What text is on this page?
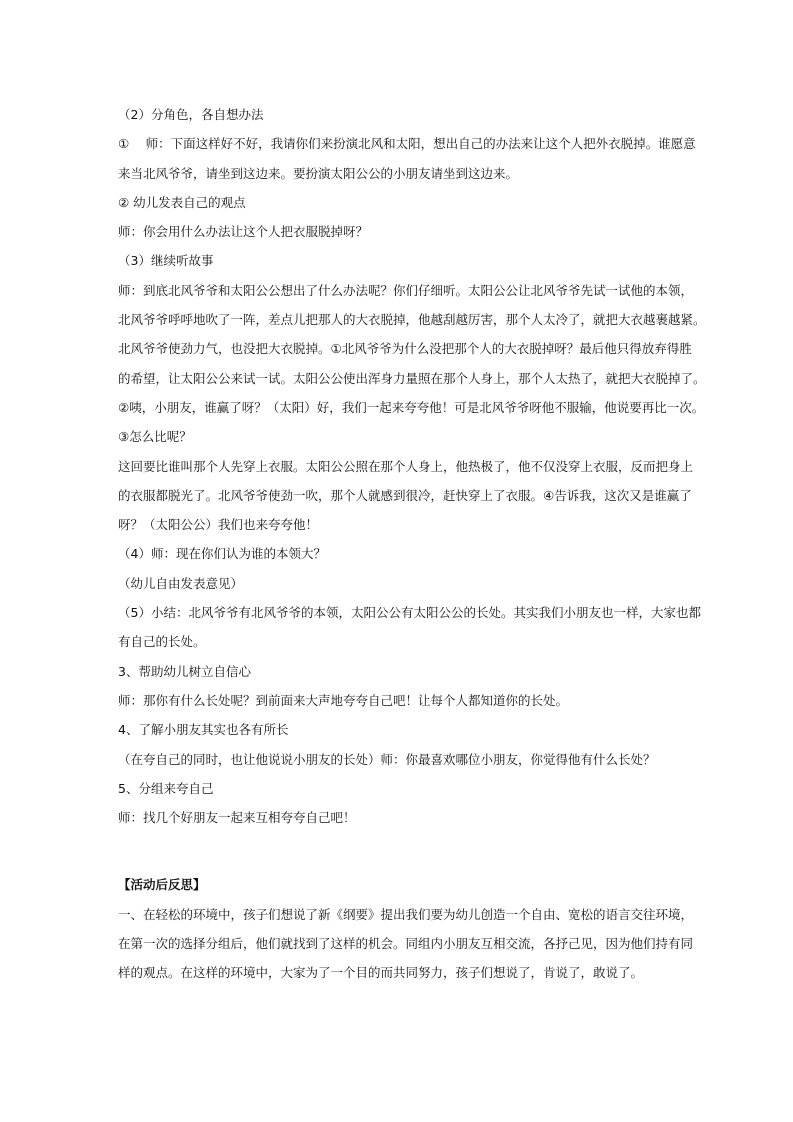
（2）分角色，各自想办法
①　 师：下面这样好不好，我请你们来扮演北风和太阳，想出自己的办法来让这个人把外衣脱掉。谁愿意
来当北风爷爷，请坐到这边来。要扮演太阳公公的小朋友请坐到这边来。
② 幼儿发表自己的观点
师：你会用什么办法让这个人把衣服脱掉呀？
（3）继续听故事
师：到底北风爷爷和太阳公公想出了什么办法呢？你们仔细听。太阳公公让北风爷爷先试一试他的本领，
北风爷爷呼呼地吹了一阵，差点儿把那人的大衣脱掉，他越刮越厉害，那个人太冷了，就把大衣越裹越紧。
北风爷爷使劲力气，也没把大衣脱掉。①北风爷爷为什么没把那个人的大衣脱掉呀？最后他只得放弃得胜
的希望，让太阳公公来试一试。太阳公公使出浑身力量照在那个人身上，那个人太热了，就把大衣脱掉了。
②咦，小朋友，谁赢了呀？（太阳）好，我们一起来夸夸他！可是北风爷爷呀他不服输，他说要再比一次。
③怎么比呢？
这回要比谁叫那个人先穿上衣服。太阳公公照在那个人身上，他热极了，他不仅没穿上衣服，反而把身上
的衣服都脱光了。北风爷爷使劲一吹，那个人就感到很冷，赶快穿上了衣服。④告诉我，这次又是谁赢了
呀？（太阳公公）我们也来夸夸他！
（4）师：现在你们认为谁的本领大？
（幼儿自由发表意见）
（5）小结：北风爷爷有北风爷爷的本领，太阳公公有太阳公公的长处。其实我们小朋友也一样，大家也都
有自己的长处。
3、帮助幼儿树立自信心
师：那你有什么长处呢？到前面来大声地夸夸自己吧！让每个人都知道你的长处。
4、了解小朋友其实也各有所长
（在夸自己的同时，也让他说说小朋友的长处）师：你最喜欢哪位小朋友，你觉得他有什么长处？
5、分组来夸自己
师：找几个好朋友一起来互相夸夸自己吧！
【活动后反思】
一、在轻松的环境中，孩子们想说了新《纲要》提出我们要为幼儿创造一个自由、宽松的语言交往环境，
在第一次的选择分组后，他们就找到了这样的机会。同组内小朋友互相交流，各抒己见，因为他们持有同
样的观点。在这样的环境中，大家为了一个目的而共同努力，孩子们想说了，肯说了，敢说了。
